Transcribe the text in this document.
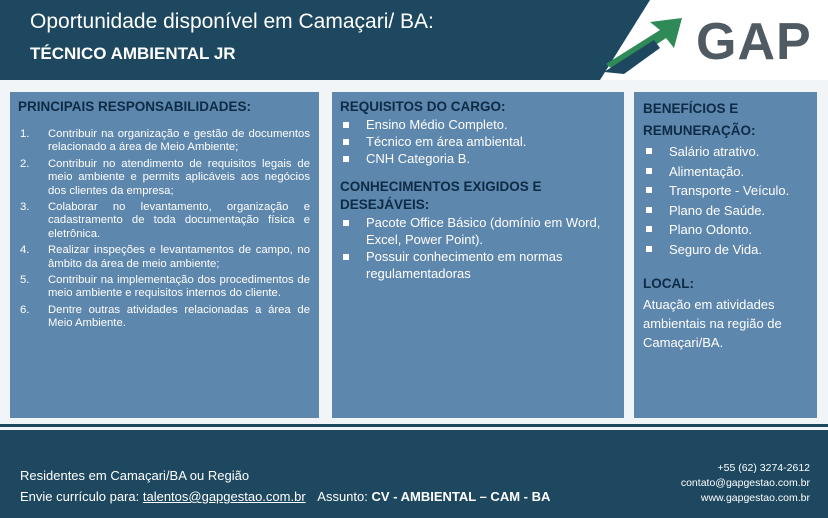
Oportunidade disponível em Camaçari/ BA:
TÉCNICO AMBIENTAL JR	GAP
PRINCIPAIS RESPONSABILIDADES:
1. Contribuir na organização e gestão de documentos relacionado a área de Meio Ambiente;
2. Contribuir no atendimento de requisitos legais de meio ambiente e permits aplicáveis aos negócios dos clientes da empresa;
3. Colaborar no levantamento, organização e cadastramento de toda documentação física e eletrônica.
4. Realizar inspeções e levantamentos de campo, no âmbito da área de meio ambiente;
5. Contribuir na implementação dos procedimentos de meio ambiente e requisitos internos do cliente.
6. Dentre outras atividades relacionadas a área de Meio Ambiente.
REQUISITOS DO CARGO:
Ensino Médio Completo.
Técnico em área ambiental.
CNH Categoria B.
CONHECIMENTOS EXIGIDOS E DESEJÁVEIS:
Pacote Office Básico (domínio em Word, Excel, Power Point).
Possuir conhecimento em normas regulamentadoras
BENEFÍCIOS E REMUNERAÇÃO:
Salário atrativo.
Alimentação.
Transporte - Veículo.
Plano de Saúde.
Plano Odonto.
Seguro de Vida.
LOCAL:
Atuação em atividades ambientais na região de Camaçari/BA.
Residentes em Camaçari/BA ou Região
Envie currículo para: talentos@gapgestao.com.br Assunto: CV - AMBIENTAL – CAM - BA
+55 (62) 3274-2612
contato@gapgestao.com.br
www.gapgestao.com.br
